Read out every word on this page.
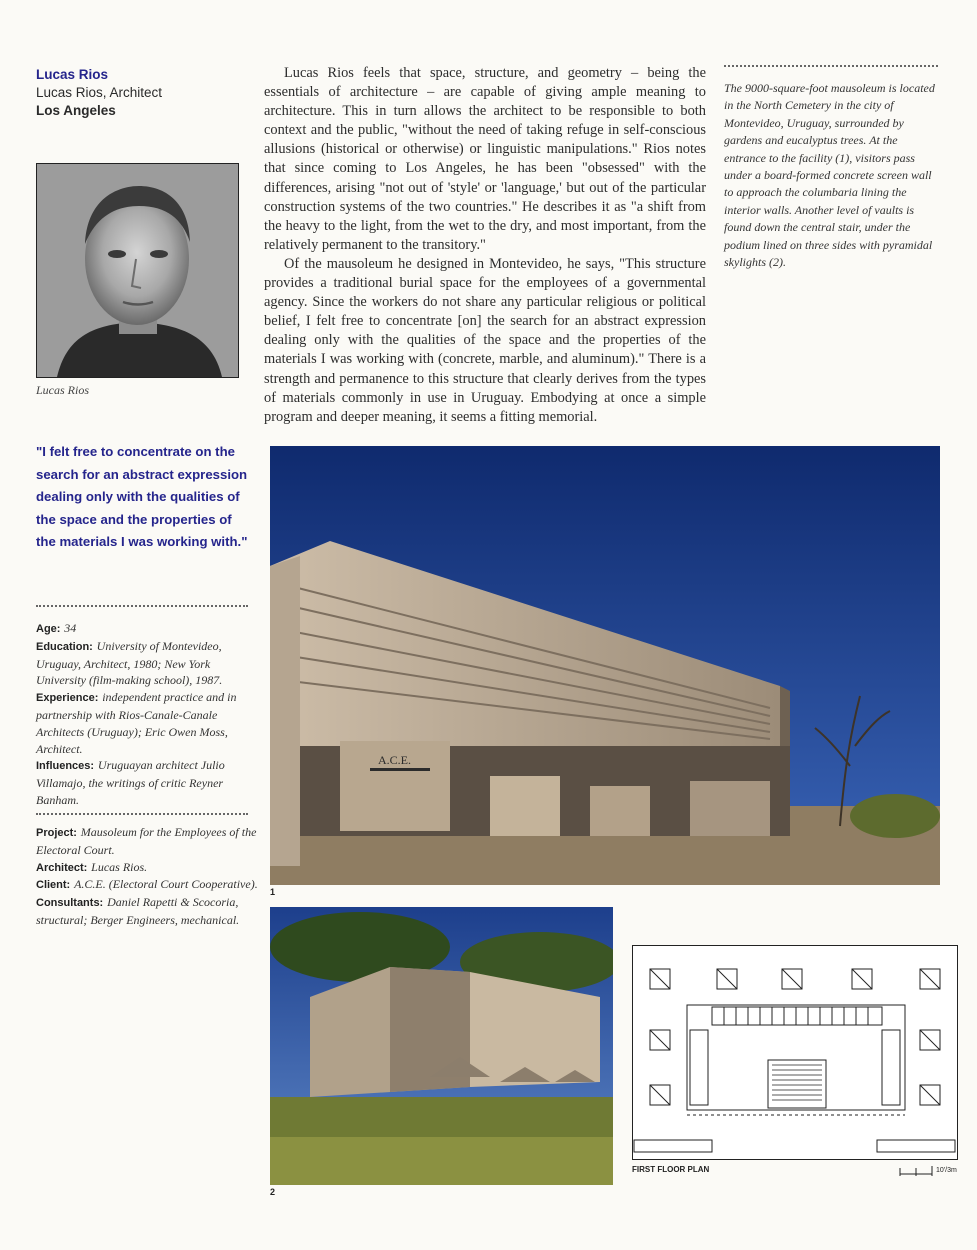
Lucas Rios
Lucas Rios, Architect
Los Angeles
Lucas Rios
"I felt free to concentrate on the search for an abstract expression dealing only with the qualities of the space and the properties of the materials I was working with."
Age: 34
Education: University of Montevideo, Uruguay, Architect, 1980; New York University (film-making school), 1987.
Experience: independent practice and in partnership with Rios-Canale-Canale Architects (Uruguay); Eric Owen Moss, Architect.
Influences: Uruguayan architect Julio Villamajo, the writings of critic Reyner Banham.
Project: Mausoleum for the Employees of the Electoral Court.
Architect: Lucas Rios.
Client: A.C.E. (Electoral Court Cooperative).
Consultants: Daniel Rapetti & Scocoria, structural; Berger Engineers, mechanical.

Lucas Rios feels that space, structure, and geometry – being the essentials of architecture – are capable of giving ample meaning to architecture. This in turn allows the architect to be responsible to both context and the public, "without the need of taking refuge in self-conscious allusions (historical or otherwise) or linguistic manipulations." Rios notes that since coming to Los Angeles, he has been "obsessed" with the differences, arising "not out of 'style' or 'language,' but out of the particular construction systems of the two countries." He describes it as "a shift from the heavy to the light, from the wet to the dry, and most important, from the relatively permanent to the transitory."

Of the mausoleum he designed in Montevideo, he says, "This structure provides a traditional burial space for the employees of a governmental agency. Since the workers do not share any particular religious or political belief, I felt free to concentrate [on] the search for an abstract expression dealing only with the qualities of the space and the properties of the materials I was working with (concrete, marble, and aluminum)." There is a strength and permanence to this structure that clearly derives from the types of materials commonly in use in Uruguay. Embodying at once a simple program and deeper meaning, it seems a fitting memorial.

The 9000-square-foot mausoleum is located in the North Cemetery in the city of Montevideo, Uruguay, surrounded by gardens and eucalyptus trees. At the entrance to the facility (1), visitors pass under a board-formed concrete screen wall to approach the columbaria lining the interior walls. Another level of vaults is found down the central stair, under the podium lined on three sides with pyramidal skylights (2).
A.C.E.
1
2
FIRST FLOOR PLAN	10'/3m
